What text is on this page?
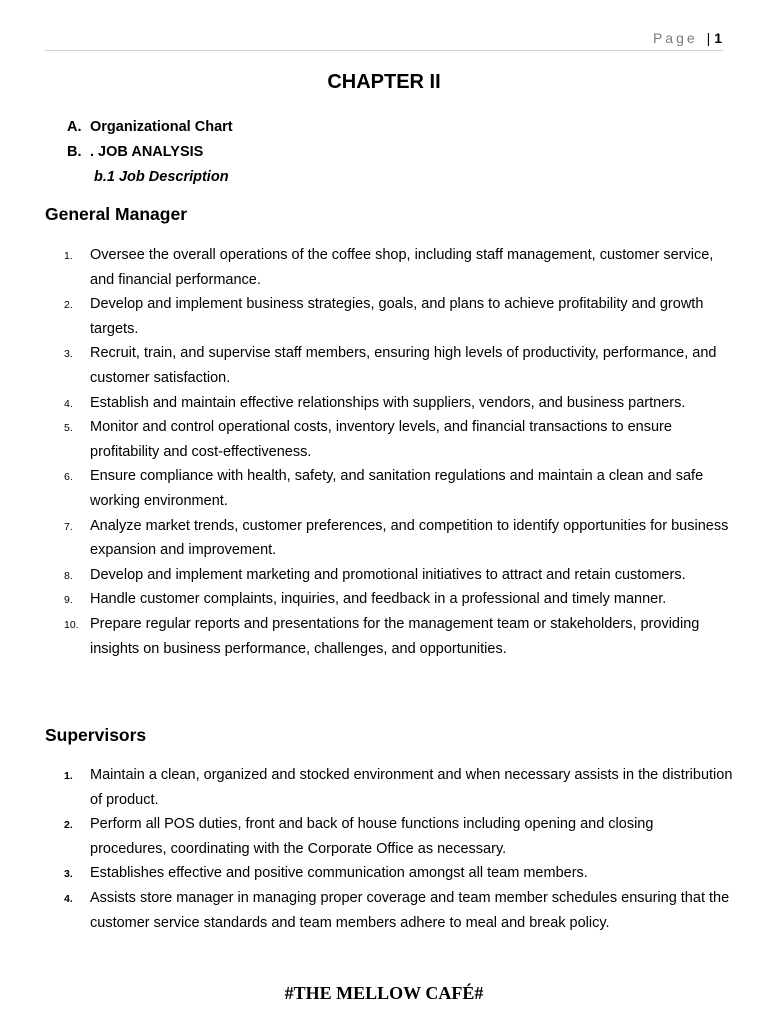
Page | 1
CHAPTER II
A. Organizational Chart
B. . JOB ANALYSIS
b.1 Job Description
General Manager
1.	Oversee the overall operations of the coffee shop, including staff management, customer service, and financial performance.
2.	Develop and implement business strategies, goals, and plans to achieve profitability and growth targets.
3.	Recruit, train, and supervise staff members, ensuring high levels of productivity, performance, and customer satisfaction.
4.	Establish and maintain effective relationships with suppliers, vendors, and business partners.
5.	Monitor and control operational costs, inventory levels, and financial transactions to ensure profitability and cost-effectiveness.
6.	Ensure compliance with health, safety, and sanitation regulations and maintain a clean and safe working environment.
7.	Analyze market trends, customer preferences, and competition to identify opportunities for business expansion and improvement.
8.	Develop and implement marketing and promotional initiatives to attract and retain customers.
9.	Handle customer complaints, inquiries, and feedback in a professional and timely manner.
10. Prepare regular reports and presentations for the management team or stakeholders, providing insights on business performance, challenges, and opportunities.
Supervisors
1.	Maintain a clean, organized and stocked environment and when necessary assists in the distribution of product.
2.	Perform all POS duties, front and back of house functions including opening and closing procedures, coordinating with the Corporate Office as necessary.
3.	Establishes effective and positive communication amongst all team members.
4.	Assists store manager in managing proper coverage and team member schedules ensuring that the customer service standards and team members adhere to meal and break policy.
#THE MELLOW CAFÉ#
